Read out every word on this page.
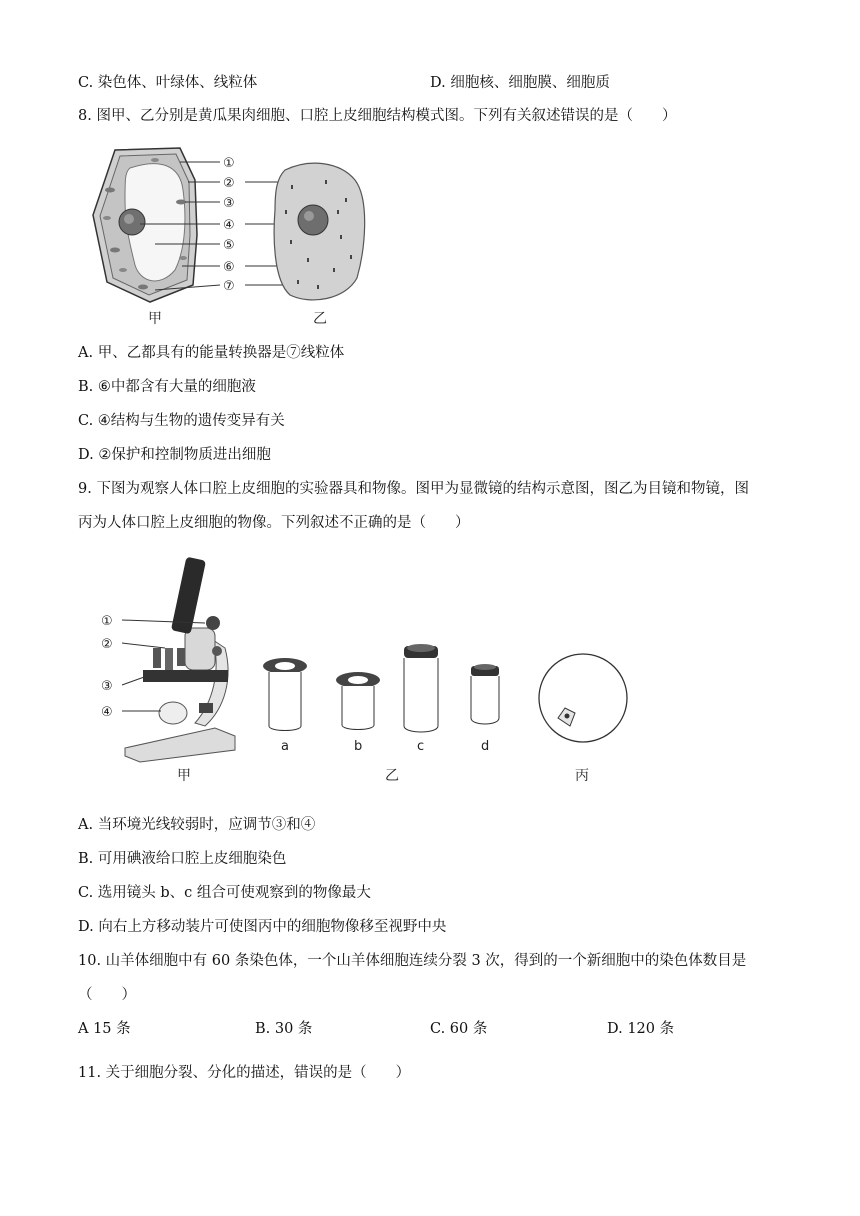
C. 染色体、叶绿体、线粒体	D. 细胞核、细胞膜、细胞质
8. 图甲、乙分别是黄瓜果肉细胞、口腔上皮细胞结构模式图。下列有关叙述错误的是（　　）
①
②
③
④
⑤
⑥
⑦
甲	乙
A. 甲、乙都具有的能量转换器是⑦线粒体
B. ⑥中都含有大量的细胞液
C. ④结构与生物的遗传变异有关
D. ②保护和控制物质进出细胞
9. 下图为观察人体口腔上皮细胞的实验器具和物像。图甲为显微镜的结构示意图，图乙为目镜和物镜，图
丙为人体口腔上皮细胞的物像。下列叙述不正确的是（　　）
①
②
③
④
a	b	c	d
甲	乙	丙
A. 当环境光线较弱时，应调节③和④
B. 可用碘液给口腔上皮细胞染色
C. 选用镜头 b、c 组合可使观察到的物像最大
D. 向右上方移动装片可使图丙中的细胞物像移至视野中央
10. 山羊体细胞中有 60 条染色体，一个山羊体细胞连续分裂 3 次，得到的一个新细胞中的染色体数目是
（　　）
A 15 条	B. 30 条	C. 60 条	D. 120 条
11. 关于细胞分裂、分化的描述，错误的是（　　）
